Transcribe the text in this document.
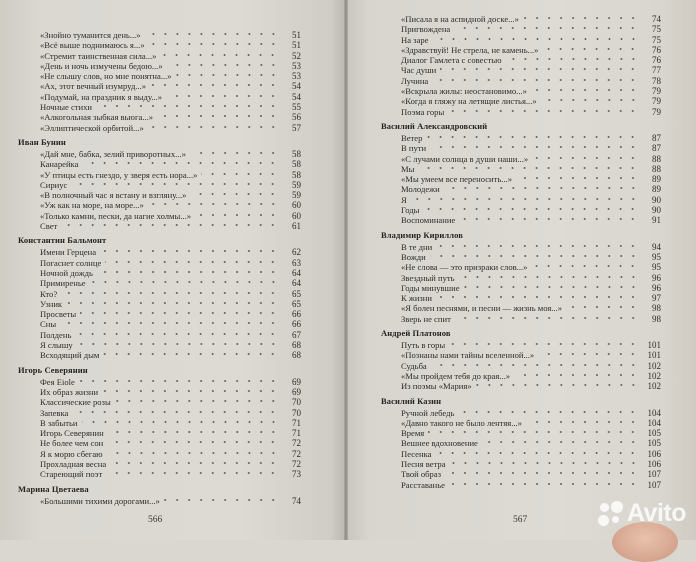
«Знойно туманится день...»	51
«Всё выше поднимаюсь я...»	51
«Стремит таинственная сила...»	52
«День и ночь измучены бедою...»	53
«Не слышу слов, но мне понятна...»	53
«Ах, этот вечный изумруд...»	54
«Подумай, на праздник я выду...»	54
Ночные стихи	55
«Алкогольная зыбкая вьюга...»	56
«Эллиптической орбитой...»	57
Иван Бунин
«Дай мне, бабка, зелий приворотных...»	58
Канарейка	58
«У птицы есть гнездо, у зверя есть нора...»	58
Сириус	59
«В полночный час я встану и взгляну...»	59
«Уж как на море, на море...»	60
«Только камни, пески, да нагие холмы...»	60
Свет	61
Константин Бальмонт
Имени Герцена	62
Погаснет солнце	63
Ночной дождь	64
Примиренье	64
Кто?	65
Узник	65
Просветы	66
Сны	66
Полдень	67
Я слышу	68
Всходящий дым	68
Игорь Северянин
Фея Eiole	69
Их образ жизни	69
Классические розы	70
Запевка	70
В забытьи	71
Игорь Северянин	71
Не более чем сон	72
Я к морю сбегаю	72
Прохладная весна	72
Стареющий поэт	73
Марина Цветаева
«Большими тихими дорогами...»	74
566
«Писала я на аспидной доске...»	74
Пригвождена	75
На заре	75
«Здравствуй! Не стрела, не камень...»	76
Диалог Гамлета с совестью	76
Час души	77
Лучина	78
«Вскрыла жилы: неостановимо...»	79
«Когда я гляжу на летящие листья...»	79
Поэма горы	79
Василий Александровский
Ветер	87
В пути	87
«С лучами солнца в души наши...»	88
Мы	88
«Мы умеем все переносить...»	89
Молодежи	89
Я	90
Годы	90
Воспоминание	91
Владимир Кириллов
В те дни	94
Вожди	95
«Не слова — это призраки слов...»	95
Звездный путь	96
Годы минувшие	96
К жизни	97
«Я болен песнями, и песни — жизнь моя...»	98
Зверь не спит	98
Андрей Платонов
Путь в горы	101
«Познаны нами тайны вселенной...»	101
Судьба	102
«Мы пройдем тебя до края...»	102
Из поэмы «Мария»	102
Василий Казин
Ручной лебедь	104
«Давно такого не было лентяя...»	104
Время	105
Вешнее вдохновение	105
Песенка	106
Песня ветра	106
Твой образ	107
Расставанье	107
567	Avito
